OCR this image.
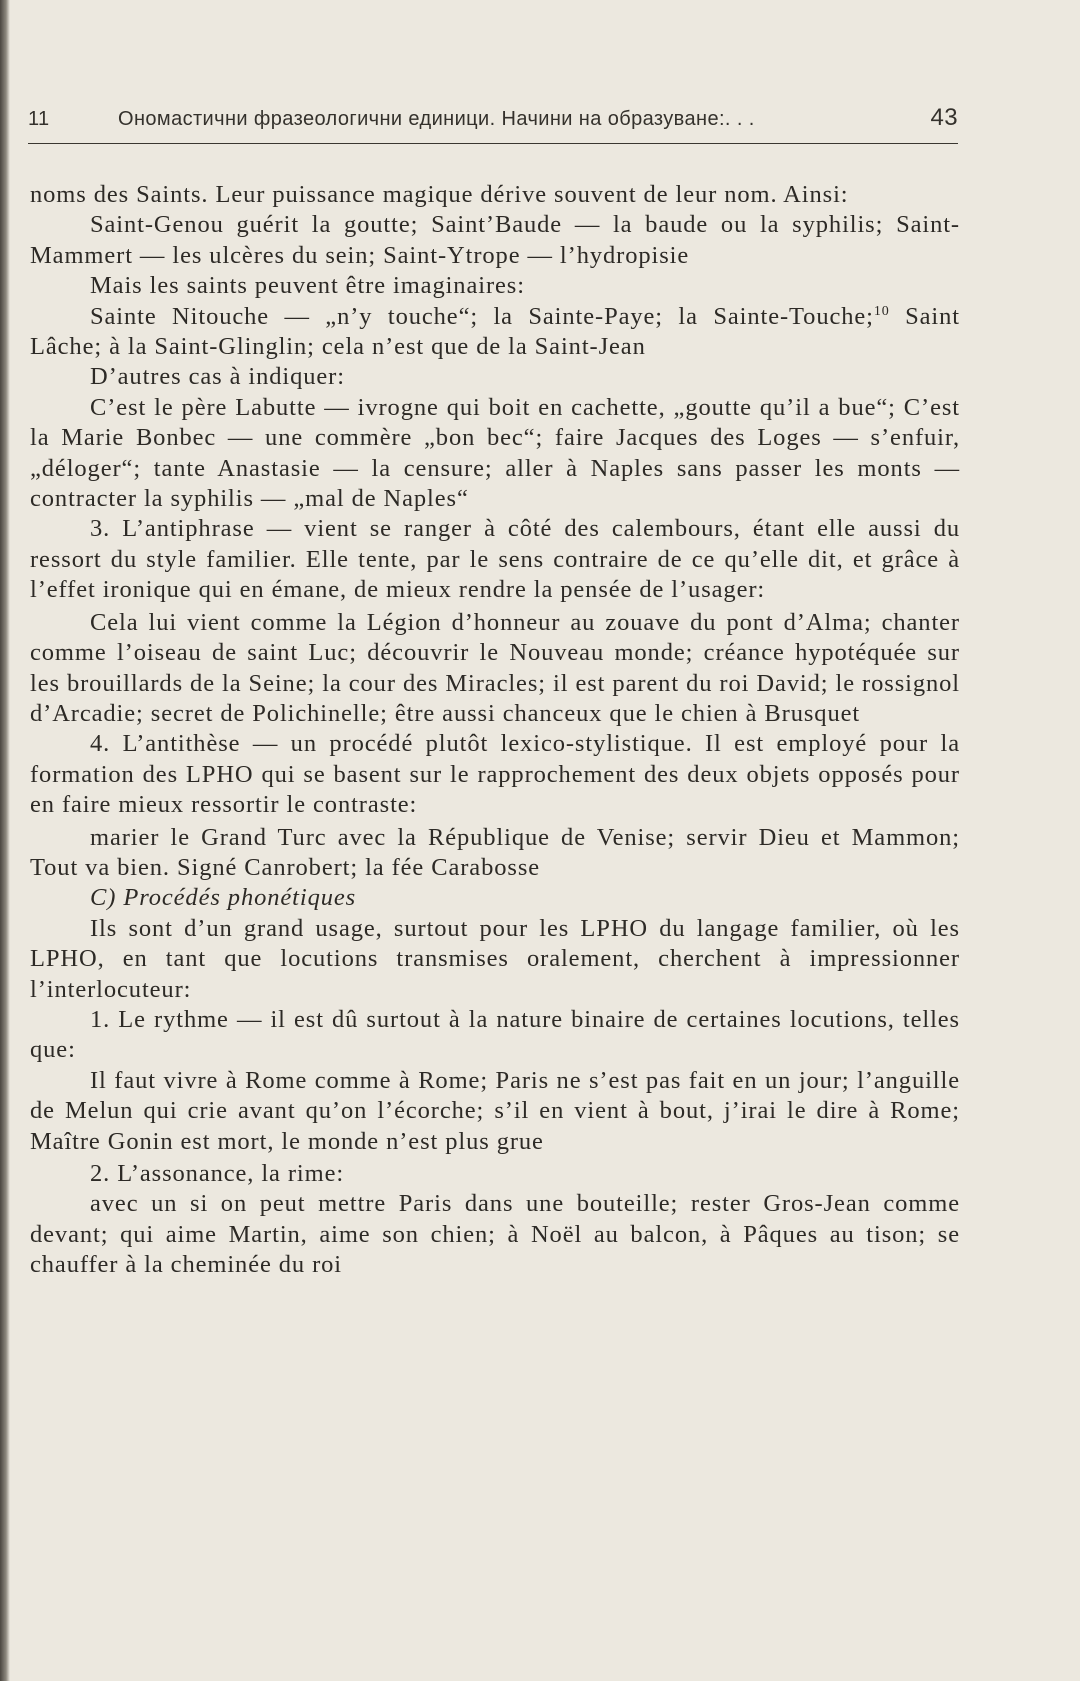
11	Ономастични фразеологични единици. Начини на образуване:. . .	43

noms des Saints. Leur puissance magique dérive souvent de leur nom. Ainsi:

Saint-Genou guérit la goutte; Saint’Baude — la baude ou la syphilis; Saint-Mammert — les ulcères du sein; Saint-Ytrope — l’hydropisie

Mais les saints peuvent être imaginaires:

Sainte Nitouche — „n’y touche“; la Sainte-Paye; la Sainte-Touche;$^{10}$ Saint Lâche; à la Saint-Glinglin; cela n’est que de la Saint-Jean

D’autres cas à indiquer:

C’est le père Labutte — ivrogne qui boit en cachette, „goutte qu’il a bue“; C’est la Marie Bonbec — une commère „bon bec“; faire Jacques des Loges — s’enfuir, „déloger“; tante Anastasie — la censure; aller à Naples sans passer les monts — contracter la syphilis — „mal de Naples“

3. L’antiphrase — vient se ranger à côté des calembours, étant elle aussi du ressort du style familier. Elle tente, par le sens contraire de ce qu’elle dit, et grâce à l’effet ironique qui en émane, de mieux rendre la pensée de l’usager:

Cela lui vient comme la Légion d’honneur au zouave du pont d’Alma; chanter comme l’oiseau de saint Luc; découvrir le Nouveau monde; créance hypotéquée sur les brouillards de la Seine; la cour des Miracles; il est parent du roi David; le rossignol d’Arcadie; secret de Polichinelle; être aussi chanceux que le chien à Brusquet

4. L’antithèse — un procédé plutôt lexico-stylistique. Il est employé pour la formation des LPHO qui se basent sur le rapprochement des deux objets opposés pour en faire mieux ressortir le contraste:

marier le Grand Turc avec la République de Venise; servir Dieu et Mammon; Tout va bien. Signé Canrobert; la fée Carabosse

C) Procédés phonétiques

Ils sont d’un grand usage, surtout pour les LPHO du langage familier, où les LPHO, en tant que locutions transmises oralement, cherchent à impressionner l’interlocuteur:

1. Le rythme — il est dû surtout à la nature binaire de certaines locutions, telles que:

Il faut vivre à Rome comme à Rome; Paris ne s’est pas fait en un jour; l’anguille de Melun qui crie avant qu’on l’écorche; s’il en vient à bout, j’irai le dire à Rome; Maître Gonin est mort, le monde n’est plus grue

2. L’assonance, la rime:

avec un si on peut mettre Paris dans une bouteille; rester Gros-Jean comme devant; qui aime Martin, aime son chien; à Noël au balcon, à Pâques au tison; se chauffer à la cheminée du roi
